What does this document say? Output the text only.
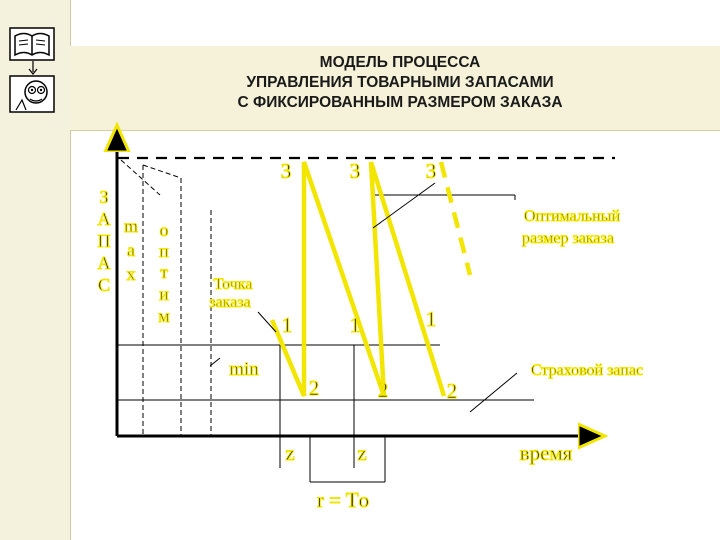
МОДЕЛЬ ПРОЦЕССА
УПРАВЛЕНИЯ ТОВАРНЫМИ ЗАПАСАМИ
С ФИКСИРОВАННЫМ РАЗМЕРОМ ЗАКАЗА
З
А
П
А
С
m
a
x
о
п
т
и
м
3	3	3
1	1	1
2	2	2
min
z	z
r = Tо
время
Оптимальный
размер заказа
Точка
заказа
Страховой запас
